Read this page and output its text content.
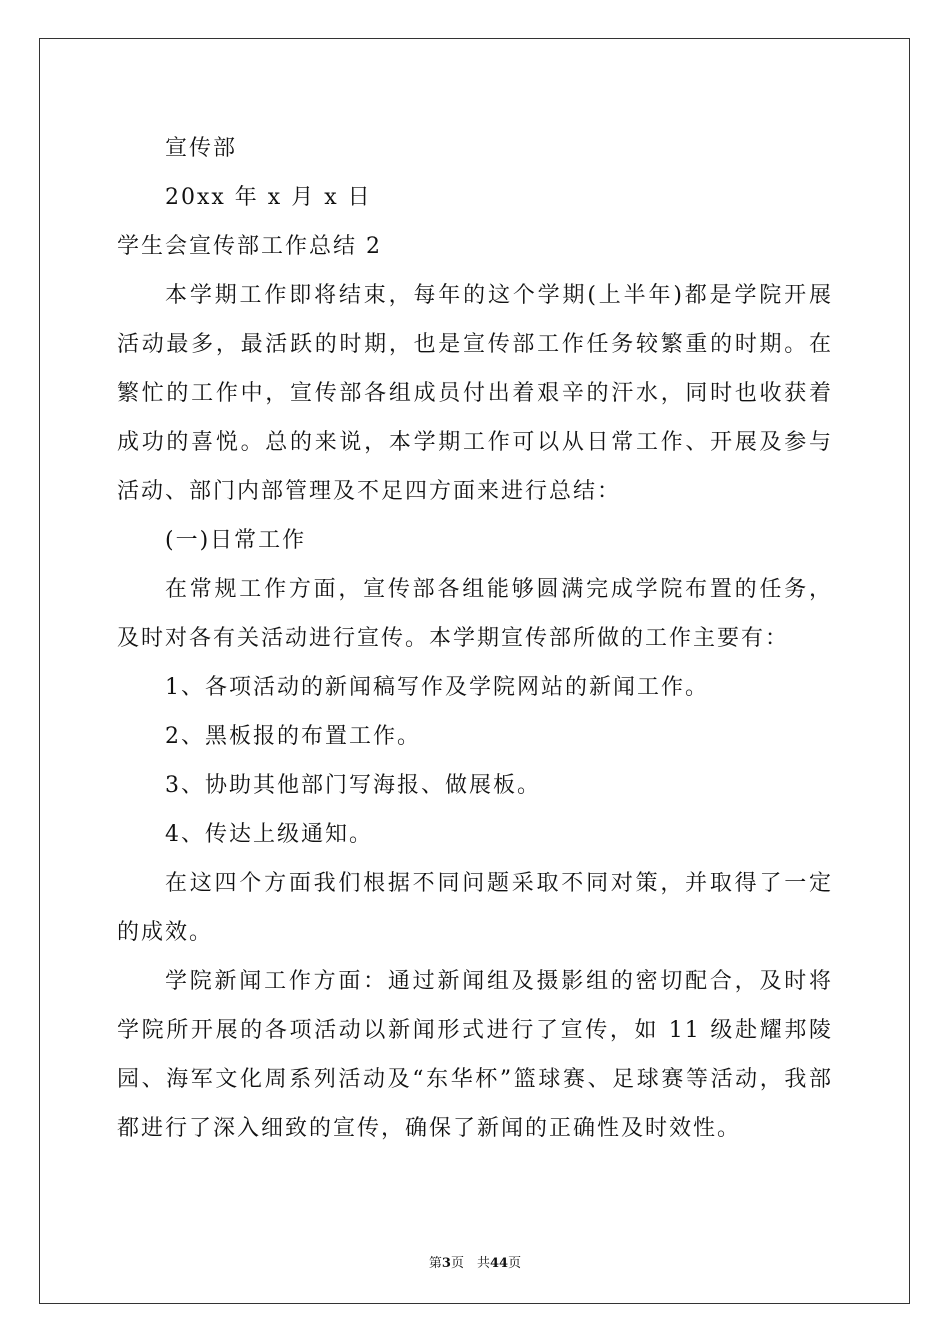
宣传部
20xx 年 x 月 x 日
学生会宣传部工作总结 2

本学期工作即将结束，每年的这个学期(上半年)都是学院开展活动最多，最活跃的时期，也是宣传部工作任务较繁重的时期。在繁忙的工作中，宣传部各组成员付出着艰辛的汗水，同时也收获着成功的喜悦。总的来说，本学期工作可以从日常工作、开展及参与活动、部门内部管理及不足四方面来进行总结：

(一)日常工作

在常规工作方面，宣传部各组能够圆满完成学院布置的任务，及时对各有关活动进行宣传。本学期宣传部所做的工作主要有：

1、各项活动的新闻稿写作及学院网站的新闻工作。
2、黑板报的布置工作。
3、协助其他部门写海报、做展板。
4、传达上级通知。

在这四个方面我们根据不同问题采取不同对策，并取得了一定的成效。

学院新闻工作方面：通过新闻组及摄影组的密切配合，及时将学院所开展的各项活动以新闻形式进行了宣传，如 11 级赴耀邦陵园、海军文化周系列活动及“东华杯”篮球赛、足球赛等活动，我部都进行了深入细致的宣传，确保了新闻的正确性及时效性。

第3页　共44页
